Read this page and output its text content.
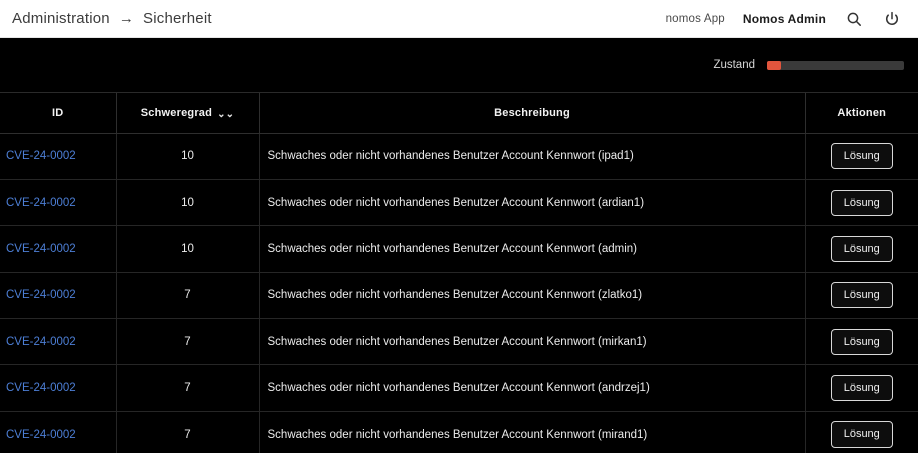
Administration → Sicherheit	nomos App Nomos Admin
Zustand
ID	Schweregrad ⌄⌄	Beschreibung	Aktionen
CVE-24-0002	10	Schwaches oder nicht vorhandenes Benutzer Account Kennwort (ipad1)	Lösung
CVE-24-0002	10	Schwaches oder nicht vorhandenes Benutzer Account Kennwort (ardian1)	Lösung
CVE-24-0002	10	Schwaches oder nicht vorhandenes Benutzer Account Kennwort (admin)	Lösung
CVE-24-0002	7	Schwaches oder nicht vorhandenes Benutzer Account Kennwort (zlatko1)	Lösung
CVE-24-0002	7	Schwaches oder nicht vorhandenes Benutzer Account Kennwort (mirkan1)	Lösung
CVE-24-0002	7	Schwaches oder nicht vorhandenes Benutzer Account Kennwort (andrzej1)	Lösung
CVE-24-0002	7	Schwaches oder nicht vorhandenes Benutzer Account Kennwort (mirand1)	Lösung
